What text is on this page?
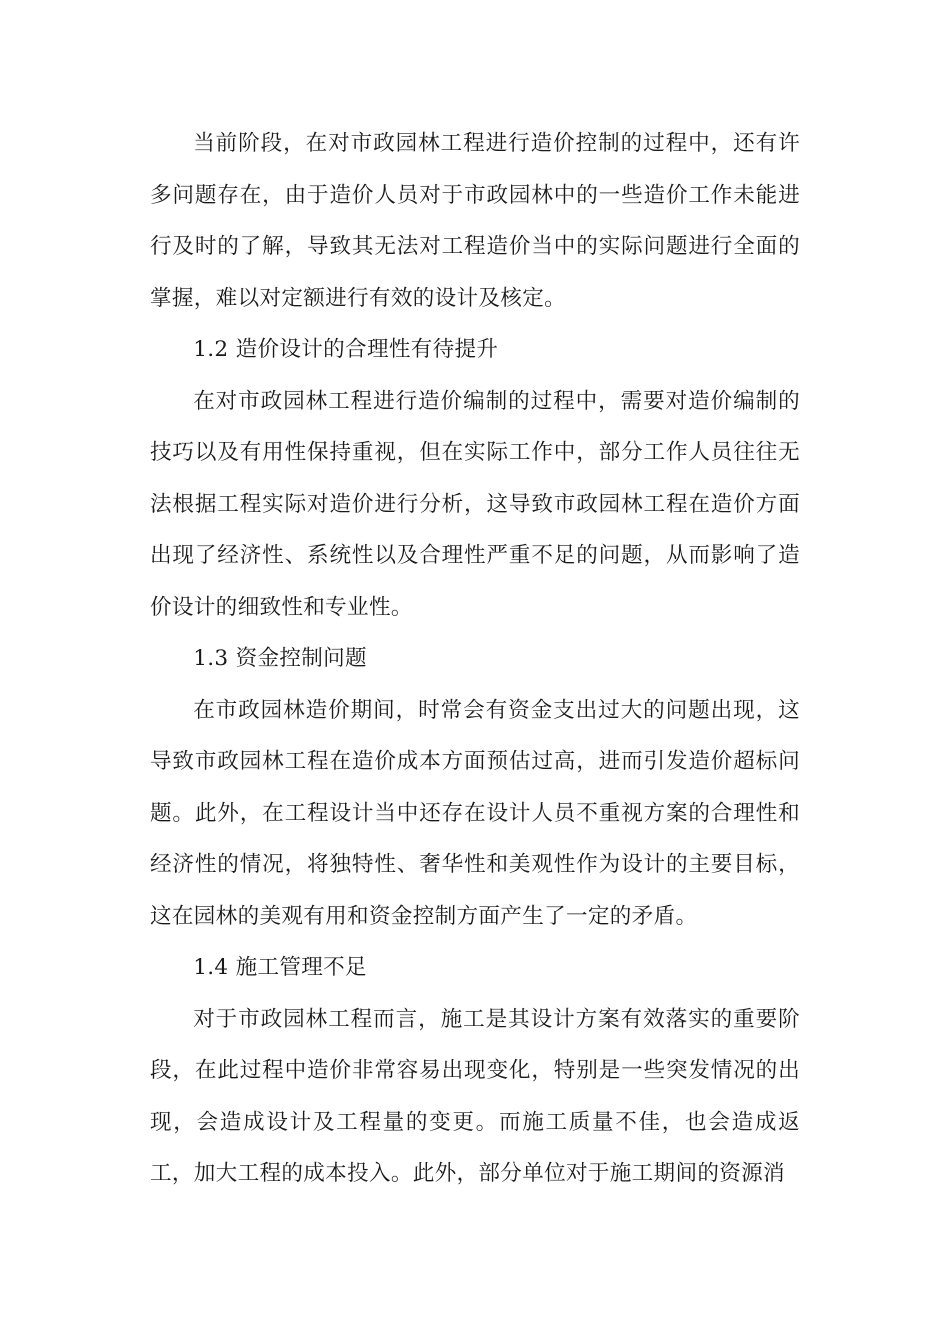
当前阶段，在对市政园林工程进行造价控制的过程中，还有许多问题存在，由于造价人员对于市政园林中的一些造价工作未能进行及时的了解，导致其无法对工程造价当中的实际问题进行全面的掌握，难以对定额进行有效的设计及核定。

1.2 造价设计的合理性有待提升

在对市政园林工程进行造价编制的过程中，需要对造价编制的技巧以及有用性保持重视，但在实际工作中，部分工作人员往往无法根据工程实际对造价进行分析，这导致市政园林工程在造价方面出现了经济性、系统性以及合理性严重不足的问题，从而影响了造价设计的细致性和专业性。

1.3 资金控制问题

在市政园林造价期间，时常会有资金支出过大的问题出现，这导致市政园林工程在造价成本方面预估过高，进而引发造价超标问题。此外，在工程设计当中还存在设计人员不重视方案的合理性和经济性的情况，将独特性、奢华性和美观性作为设计的主要目标，这在园林的美观有用和资金控制方面产生了一定的矛盾。

1.4 施工管理不足

对于市政园林工程而言，施工是其设计方案有效落实的重要阶段，在此过程中造价非常容易出现变化，特别是一些突发情况的出现，会造成设计及工程量的变更。而施工质量不佳，也会造成返工，加大工程的成本投入。此外，部分单位对于施工期间的资源消
